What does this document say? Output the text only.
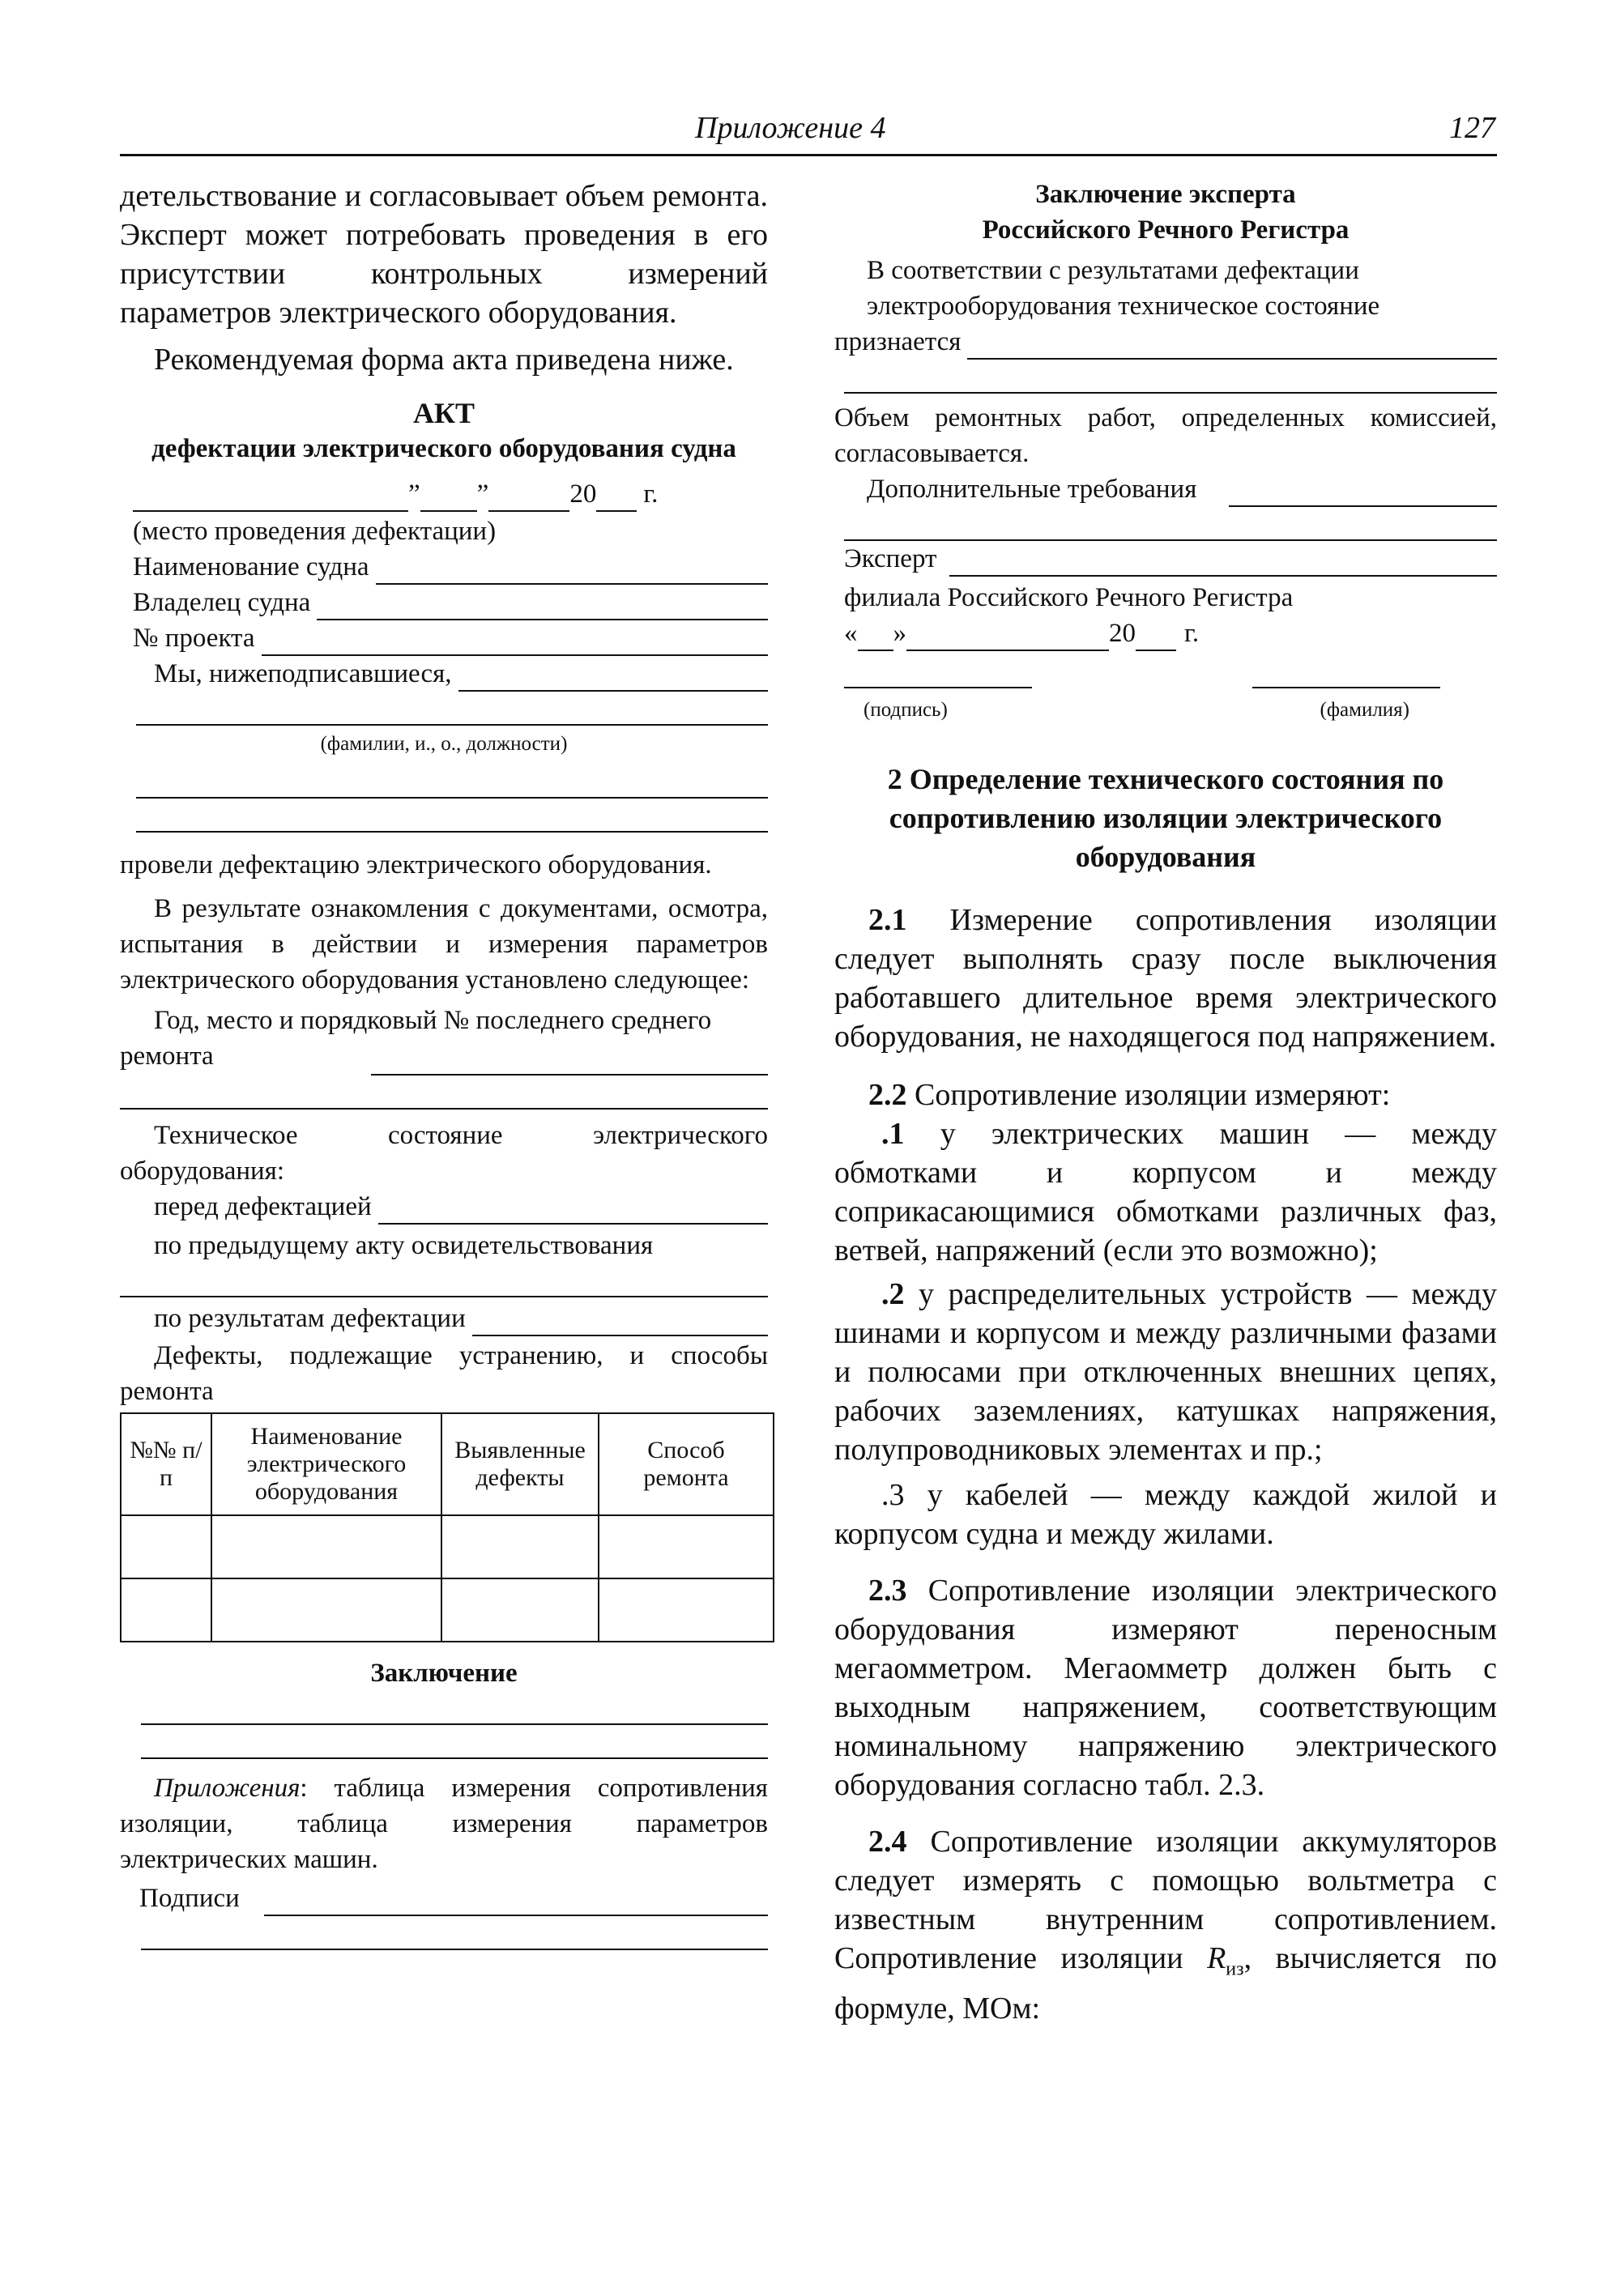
Приложение 4	127

детельствование и согласовывает объем ремонта. Эксперт может потребовать проведения в его присутствии контрольных измерений параметров электрического оборудования.

Рекомендуемая форма акта приведена ниже.

АКТ

дефектации электрического оборудования судна

” ”	20 г.

(место проведения дефектации)

Наименование судна
Владелец судна
№ проекта
Мы, нижеподписавшиеся,

(фамилии, и., о., должности)

провели дефектацию электрического оборудования.

В результате ознакомления с документами, осмотра, испытания в действии и измерения параметров электрического оборудования установлено следующее:

Год, место и порядковый № последнего среднего ремонта

Техническое состояние электрического оборудования:

перед дефектацией

по предыдущему акту освидетельствования

по результатам дефектации

Дефекты, подлежащие устранению, и способы ремонта

№№ п/п	Наименование электрического оборудования	Выявленные дефекты	Способ ремонта

Заключение

Приложения: таблица измерения сопротивления изоляции, таблица измерения параметров электрических машин.

Подписи

Заключение эксперта

Российского Речного Регистра

В соответствии с результатами дефектации электрооборудования техническое состояние

признается

Объем ремонтных работ, определенных комиссией, согласовывается.

Дополнительные требования
Эксперт

филиала Российского Речного Регистра

« »	20 г.
(подпись)	(фамилия)

2 Определение технического состояния по сопротивлению изоляции электрического оборудования

2.1 Измерение сопротивления изоляции следует выполнять сразу после выключения работавшего длительное время электрического оборудования, не находящегося под напряжением.

2.2 Сопротивление изоляции измеряют:

.1 у электрических машин — между обмотками и корпусом и между соприкасающимися обмотками различных фаз, ветвей, напряжений (если это возможно);

.2 у распределительных устройств — между шинами и корпусом и между различными фазами и полюсами при отключенных внешних цепях, рабочих заземлениях, катушках напряжения, полупроводниковых элементах и пр.;

.3 у кабелей — между каждой жилой и корпусом судна и между жилами.

2.3 Сопротивление изоляции электрического оборудования измеряют переносным мегаомметром. Мегаомметр должен быть с выходным напряжением, соответствующим номинальному напряжению электрического оборудования согласно табл. 2.3.

2.4 Сопротивление изоляции аккумуляторов следует измерять с помощью вольтметра с известным внутренним сопротивлением. Сопротивление изоляции $R_{из}$, вычисляется по формуле, МОм:
